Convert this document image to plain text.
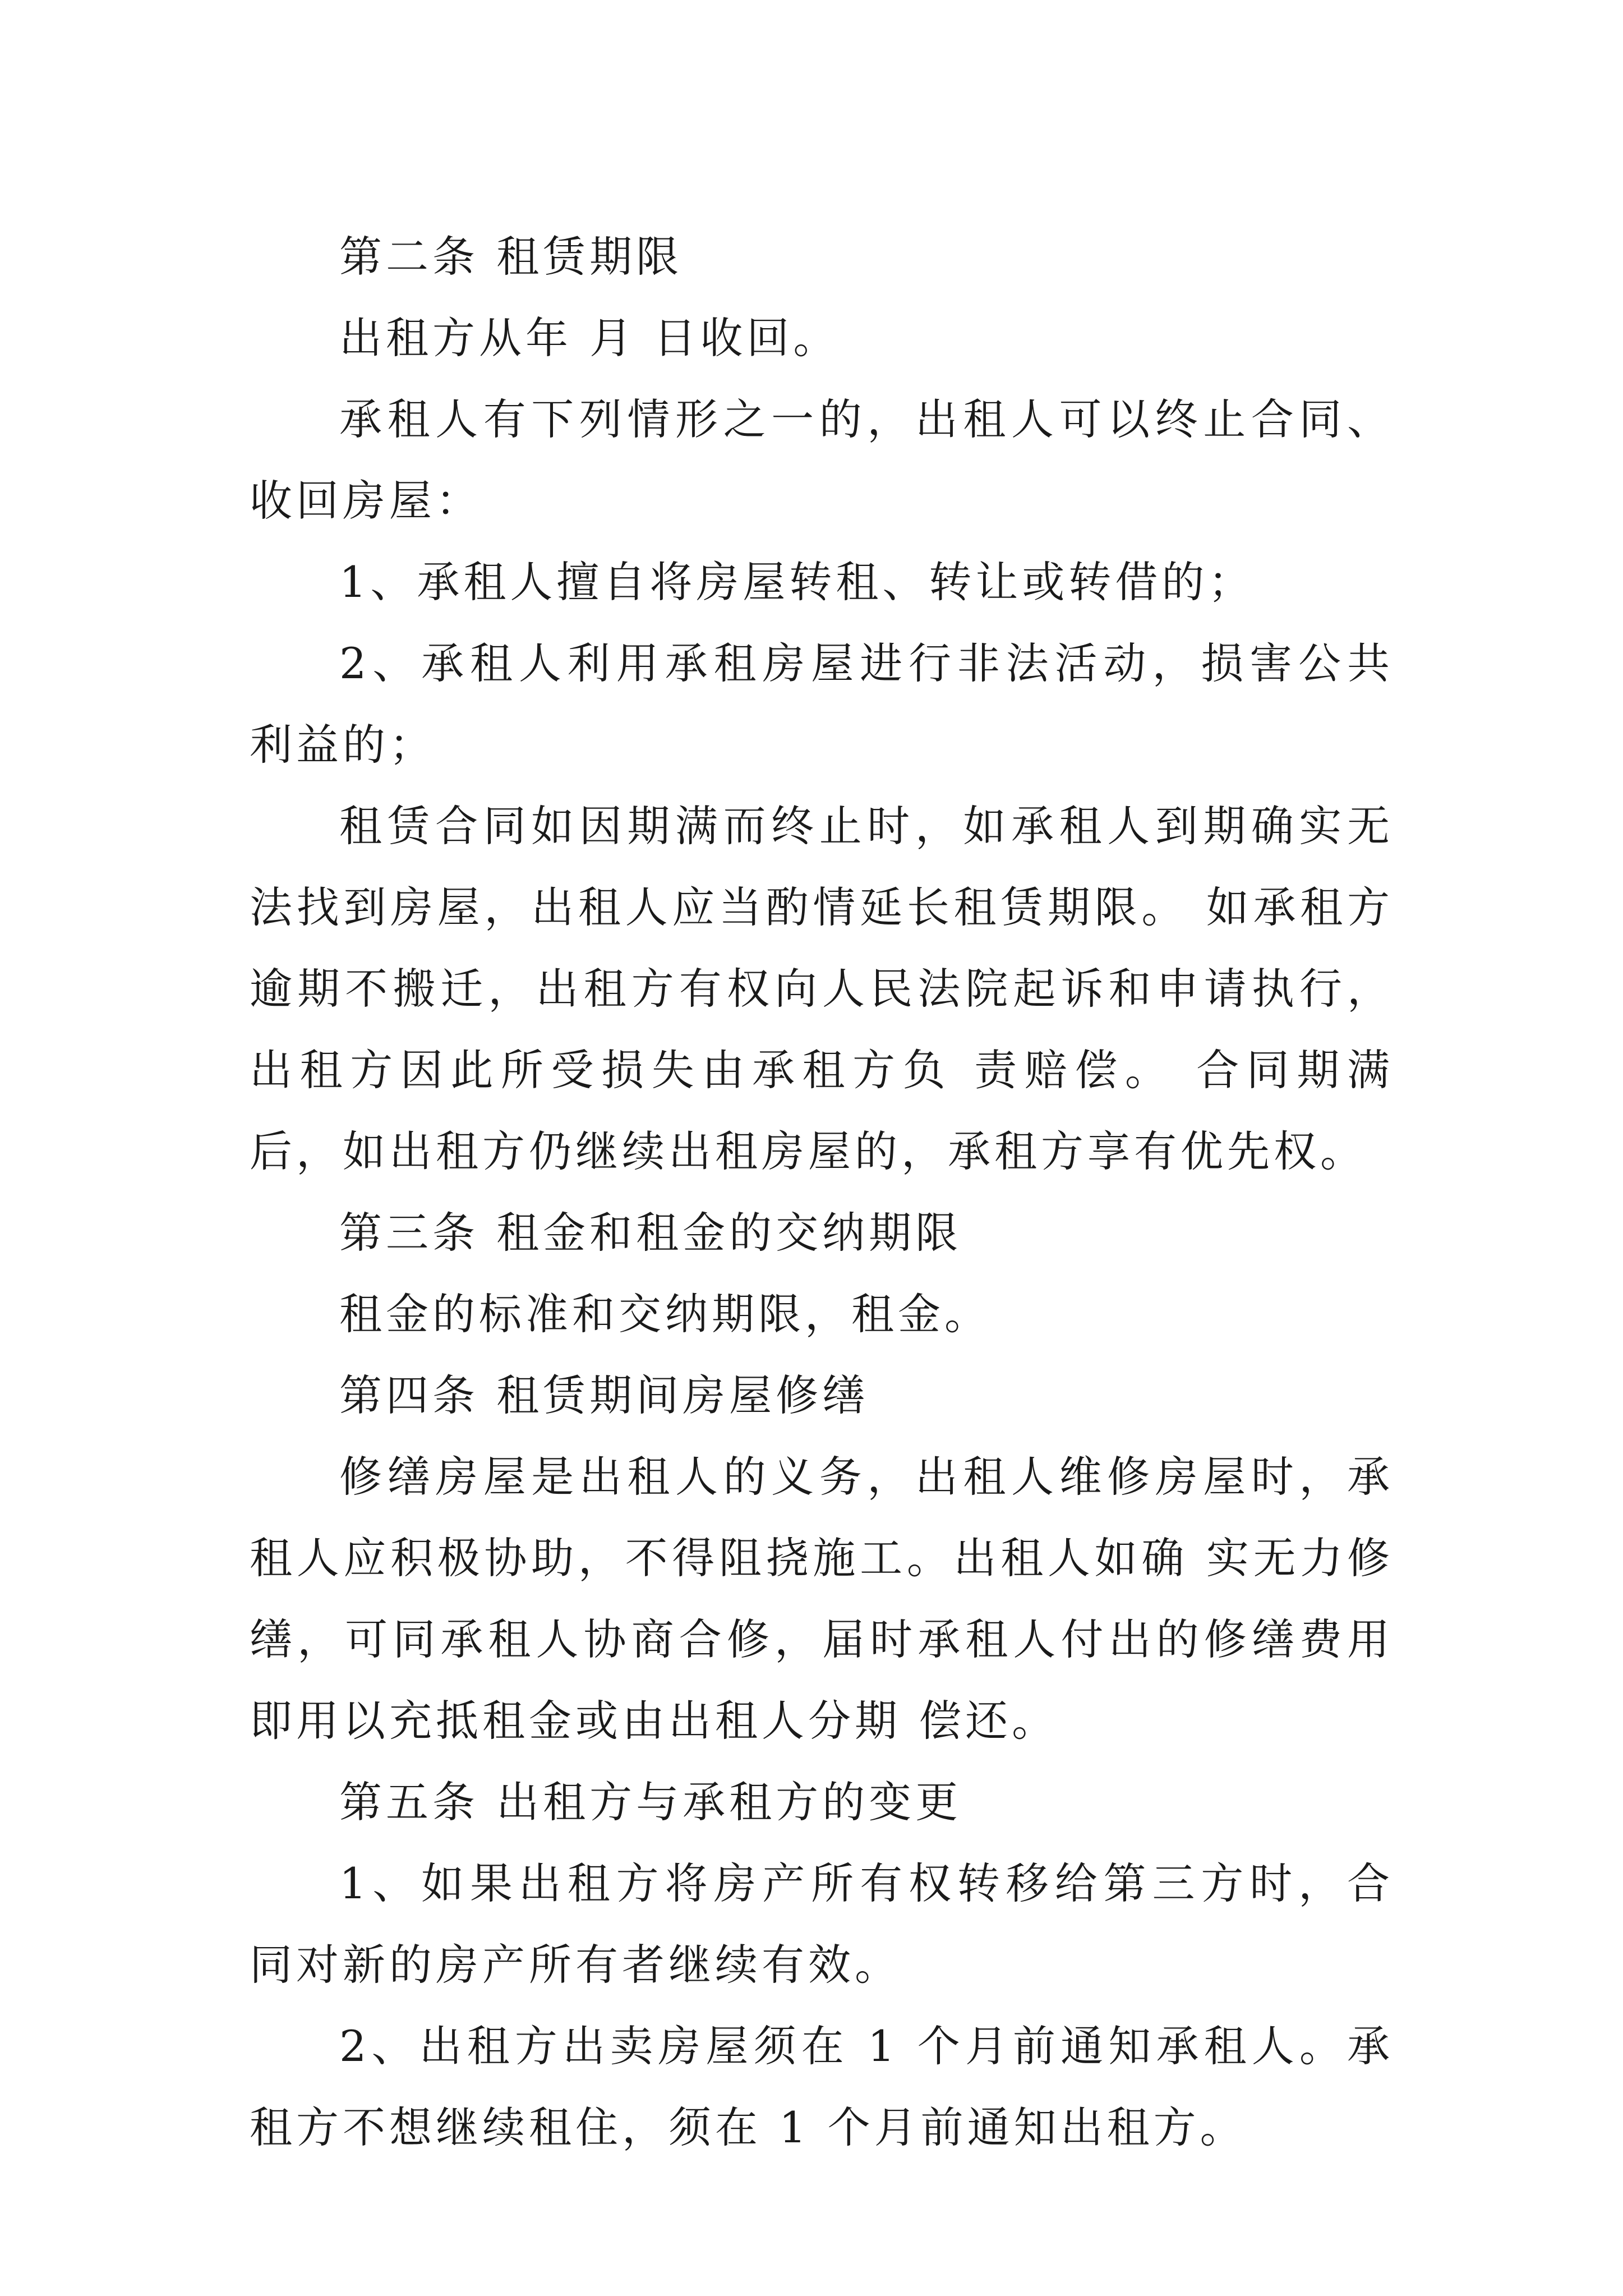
第二条 租赁期限

出租方从年 月 日收回。

承租人有下列情形之一的，出租人可以终止合同、收回房屋：

1、承租人擅自将房屋转租、转让或转借的；

2、承租人利用承租房屋进行非法活动，损害公共利益的；

租赁合同如因期满而终止时，如承租人到期确实无法找到房屋，出租人应当酌情延长租赁期限。 如承租方逾期不搬迁，出租方有权向人民法院起诉和申请执行，出租方因此所受损失由承租方负 责赔偿。 合同期满后，如出租方仍继续出租房屋的，承租方享有优先权。

第三条 租金和租金的交纳期限

租金的标准和交纳期限，租金。

第四条 租赁期间房屋修缮

修缮房屋是出租人的义务，出租人维修房屋时，承租人应积极协助，不得阻挠施工。出租人如确 实无力修缮，可同承租人协商合修，届时承租人付出的修缮费用即用以充抵租金或由出租人分期 偿还。

第五条 出租方与承租方的变更

1、如果出租方将房产所有权转移给第三方时，合同对新的房产所有者继续有效。

2、出租方出卖房屋须在 1 个月前通知承租人。承租方不想继续租住，须在 1 个月前通知出租方。
